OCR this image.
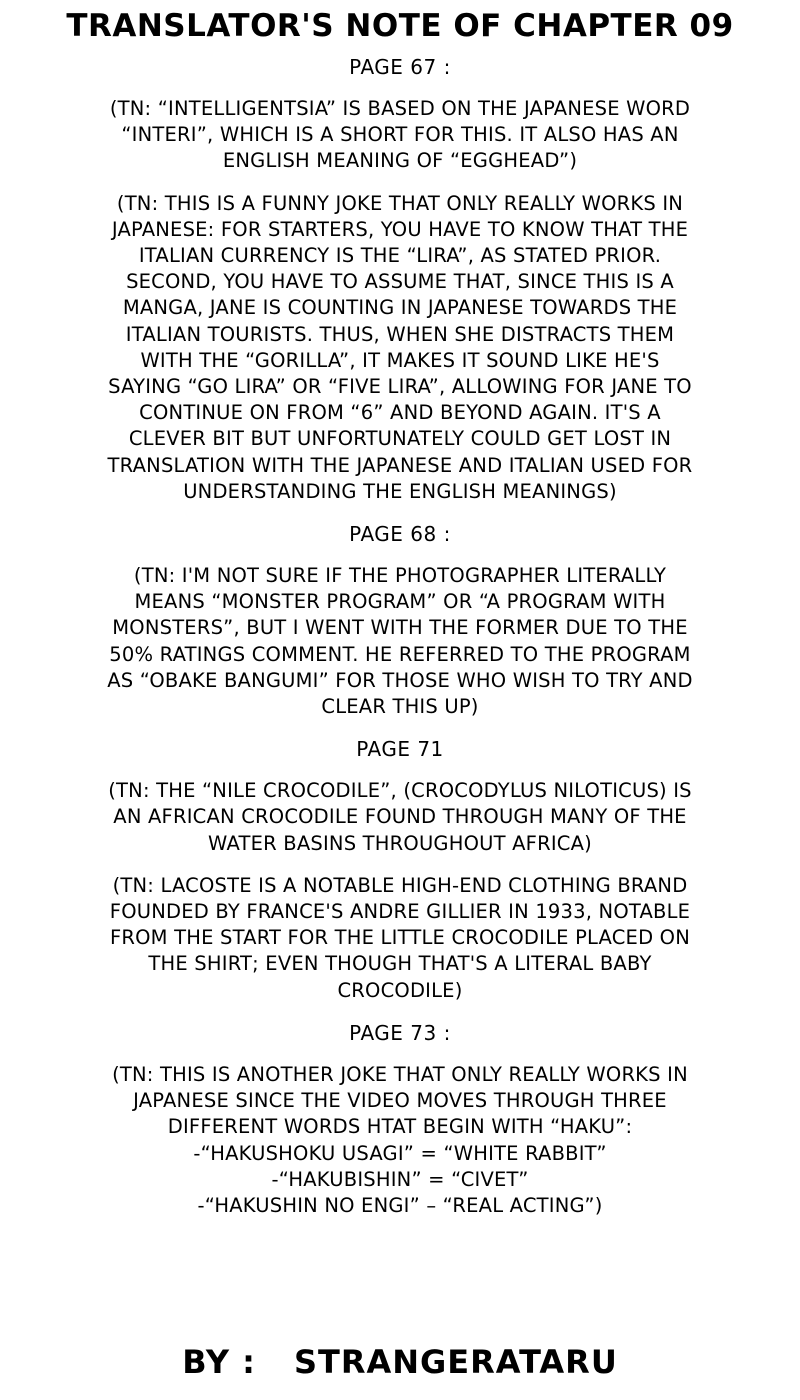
TRANSLATOR'S NOTE OF CHAPTER 09
PAGE 67 :
(TN: “INTELLIGENTSIA” IS BASED ON THE JAPANESE WORD
“INTERI”, WHICH IS A SHORT FOR THIS. IT ALSO HAS AN
ENGLISH MEANING OF “EGGHEAD”)
(TN: THIS IS A FUNNY JOKE THAT ONLY REALLY WORKS IN
JAPANESE: FOR STARTERS, YOU HAVE TO KNOW THAT THE
ITALIAN CURRENCY IS THE “LIRA”, AS STATED PRIOR.
SECOND, YOU HAVE TO ASSUME THAT, SINCE THIS IS A
MANGA, JANE IS COUNTING IN JAPANESE TOWARDS THE
ITALIAN TOURISTS. THUS, WHEN SHE DISTRACTS THEM
WITH THE “GORILLA”, IT MAKES IT SOUND LIKE HE'S
SAYING “GO LIRA” OR “FIVE LIRA”, ALLOWING FOR JANE TO
CONTINUE ON FROM “6” AND BEYOND AGAIN. IT'S A
CLEVER BIT BUT UNFORTUNATELY COULD GET LOST IN
TRANSLATION WITH THE JAPANESE AND ITALIAN USED FOR
UNDERSTANDING THE ENGLISH MEANINGS)
PAGE 68 :
(TN: I'M NOT SURE IF THE PHOTOGRAPHER LITERALLY
MEANS “MONSTER PROGRAM” OR “A PROGRAM WITH
MONSTERS”, BUT I WENT WITH THE FORMER DUE TO THE
50% RATINGS COMMENT. HE REFERRED TO THE PROGRAM
AS “OBAKE BANGUMI” FOR THOSE WHO WISH TO TRY AND
CLEAR THIS UP)
PAGE 71
(TN: THE “NILE CROCODILE”, (CROCODYLUS NILOTICUS) IS
AN AFRICAN CROCODILE FOUND THROUGH MANY OF THE
WATER BASINS THROUGHOUT AFRICA)
(TN: LACOSTE IS A NOTABLE HIGH-END CLOTHING BRAND
FOUNDED BY FRANCE'S ANDRE GILLIER IN 1933, NOTABLE
FROM THE START FOR THE LITTLE CROCODILE PLACED ON
THE SHIRT; EVEN THOUGH THAT'S A LITERAL BABY
CROCODILE)
PAGE 73 :
(TN: THIS IS ANOTHER JOKE THAT ONLY REALLY WORKS IN
JAPANESE SINCE THE VIDEO MOVES THROUGH THREE
DIFFERENT WORDS HTAT BEGIN WITH “HAKU”:
-“HAKUSHOKU USAGI” = “WHITE RABBIT”
-“HAKUBISHIN” = “CIVET”
-“HAKUSHIN NO ENGI” – “REAL ACTING”)
BY : STRANGERATARU
